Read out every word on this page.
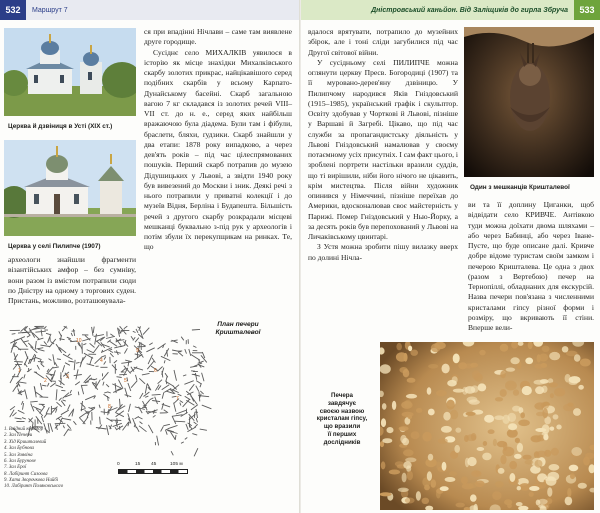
532	Маршрут 7	Дністровський каньйон. Від Заліщиків до гирла Збруча	533
Церква й дзвіниця в Усті (XIX ст.)
Церква у селі Пилипче (1907)

археологи знайшли фрагменти візантійських амфор – без сумніву, вони разом із вмістом потрапили сюди по Дністру на одному з торгових суден. Пристань, можливо, розташовувала-

ся при впадінні Нічлави – саме там виявлене друге городище.

Сусіднє село МИХАЛКІВ уявилося в історію як місце знахідки Михалківського скарбу золотих прикрас, найцікавішого серед подібних скарбів у всьому Карпато-Дунайському басейні. Скарб загальною вагою 7 кг складався із золотих речей VIII–VII ст. до н. е., серед яких найбільш вражаючою була діадема. Були там і фібули, браслети, бляхи, ґудзики. Скарб знайшли у два етапи: 1878 року випадково, а через дев'ять років – під час цілеспрямованих пошуків. Перший скарб потрапив до музею Дідушицьких у Львові, а звідти 1940 року був вивезений до Москви і зник. Деякі речі з нього потрапили у приватні колекції і до музеїв Відня, Берліна і Будапешта. Більшість речей з другого скарбу розкрадали місцеві мешканці буквально з-під рук у археологів і потім збули їх перекупщикам на ринках. Те, що

1
2
3
4
5
6
7
8
9
10
План печери
Кришталевої
1. Вхідний коридор
2. Зал Печери
3. Хід Кришталевий
4. Зал Бубнова
5. Зал Зоявіна
6. Зал Бурунове
7. Зал Ерої
8. Лабіринт Сизоова
9. Хата Зворочкова Найбі
10. Лабіринт Поляковського
0	15 45	105 м

вдалося врятувати, потрапило до музейних збірок, але і тоні сліди загубилися під час Другої світової війни.

У сусідньому селі ПИЛИПЧЕ можна оглянути церкву Пресв. Богородиці (1907) та її муровано-дерев'яну дзвіницю. У Пилипчому народився Яків Гніздовський (1915–1985), український графік і скульптор. Освіту здобував у Чорткові й Львові, пізніше у Варшаві й Загребі. Цікаво, що під час служби за пропагандистську діяльність у Львові Гніздовський намалював у своєму потаємному усіх присутніх. І сам факт цього, і зроблені портрети настільки вразили суддів, що ті вирішили, ніби його нічого не цікавить, крім мистецтва. Після війни художник опинився у Німеччині, пізніше переїхав до Америки, вдосконалював своє майстерність у Парижі. Помер Гніздовський у Нью-Йорку, а за десять років був перепохований у Львові на Личаківському цвинтарі.

З Устя можна зробити пішу вилазку вверх по долині Нічла-

Один з мешканців Кришталевої

ви та її доплину Циганки, щоб відвідати село КРИВЧЕ. Антівкою туди можна доїхати двома шляхами – або через Бабинці, або через Іване-Пусте, що буде описане далі. Кривче добре відоме туристам своїм замком і печерою Кришталева. Це одна з двох (разом з Вертебою) печер на Тернопіллі, обладнаних для екскурсій. Назва печери пов'язана з численними кристалами гіпсу різної форми і розміру, що вкривають її стіни. Вперше вели-

Печера
завдячує
своєю назвою
кристалам гіпсу,
що вразили
її перших
дослідників
